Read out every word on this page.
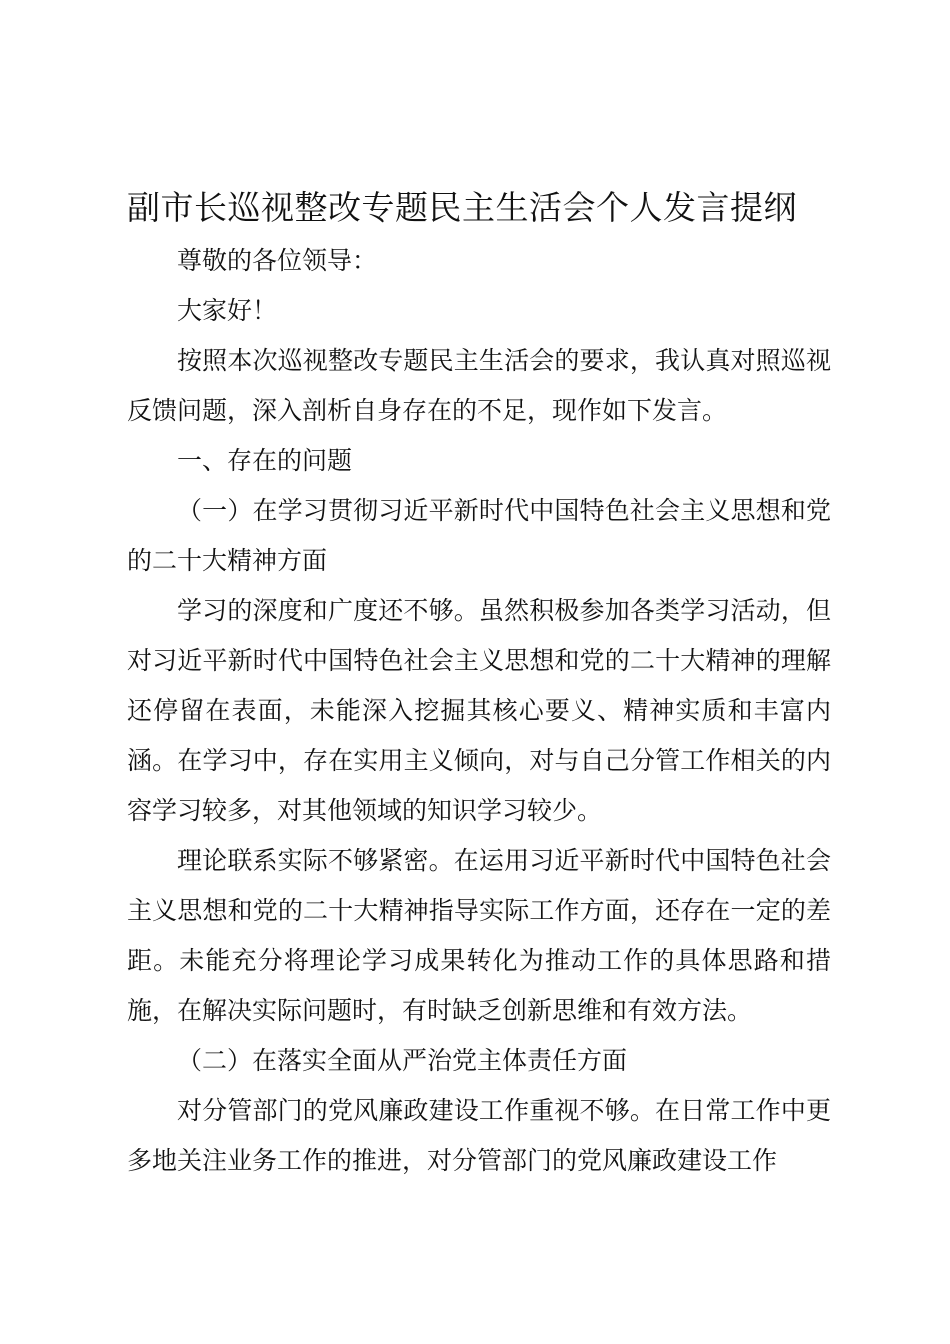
副市长巡视整改专题民主生活会个人发言提纲

尊敬的各位领导：

大家好！

按照本次巡视整改专题民主生活会的要求，我认真对照巡视反馈问题，深入剖析自身存在的不足，现作如下发言。

一、存在的问题

（一）在学习贯彻习近平新时代中国特色社会主义思想和党的二十大精神方面

学习的深度和广度还不够。虽然积极参加各类学习活动，但对习近平新时代中国特色社会主义思想和党的二十大精神的理解还停留在表面，未能深入挖掘其核心要义、精神实质和丰富内涵。在学习中，存在实用主义倾向，对与自己分管工作相关的内容学习较多，对其他领域的知识学习较少。

理论联系实际不够紧密。在运用习近平新时代中国特色社会主义思想和党的二十大精神指导实际工作方面，还存在一定的差距。未能充分将理论学习成果转化为推动工作的具体思路和措施，在解决实际问题时，有时缺乏创新思维和有效方法。

（二）在落实全面从严治党主体责任方面

对分管部门的党风廉政建设工作重视不够。在日常工作中更多地关注业务工作的推进，对分管部门的党风廉政建设工作
